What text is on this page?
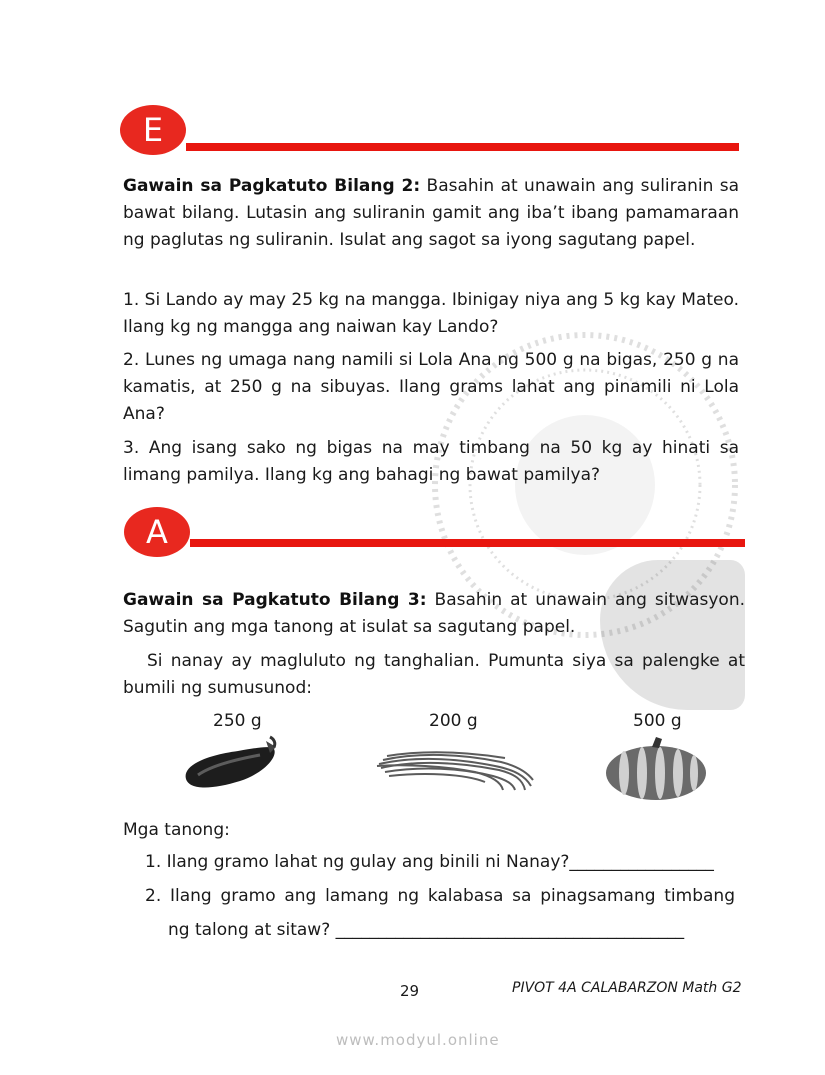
E
Gawain sa Pagkatuto Bilang 2: Basahin at unawain ang suliranin sa bawat bilang. Lutasin ang suliranin gamit ang iba’t ibang pamamaraan ng paglutas ng suliranin. Isulat ang sagot sa iyong sagutang papel.
1. Si Lando ay may 25 kg na mangga. Ibinigay niya ang 5 kg kay Mateo. Ilang kg ng mangga ang naiwan kay Lando?
2. Lunes ng umaga nang namili si Lola Ana ng 500 g na bigas, 250 g na kamatis, at 250 g na sibuyas. Ilang grams lahat ang pinamili ni Lola Ana?
3. Ang isang sako ng bigas na may timbang na 50 kg ay hinati sa limang pamilya. Ilang kg ang bahagi ng bawat pamilya?
A
Gawain sa Pagkatuto Bilang 3: Basahin at unawain ang sitwasyon. Sagutin ang mga tanong at isulat sa sagutang papel.
Si nanay ay magluluto ng tanghalian. Pumunta siya sa palengke at bumili ng sumusunod:
250 g	200 g	500 g
Mga tanong:
1. Ilang gramo lahat ng gulay ang binili ni Nanay?_________________
2. Ilang gramo ang lamang ng kalabasa sa pinagsamang timbang
ng talong at sitaw? _________________________________________
29	PIVOT 4A CALABARZON Math G2
www.modyul.online
